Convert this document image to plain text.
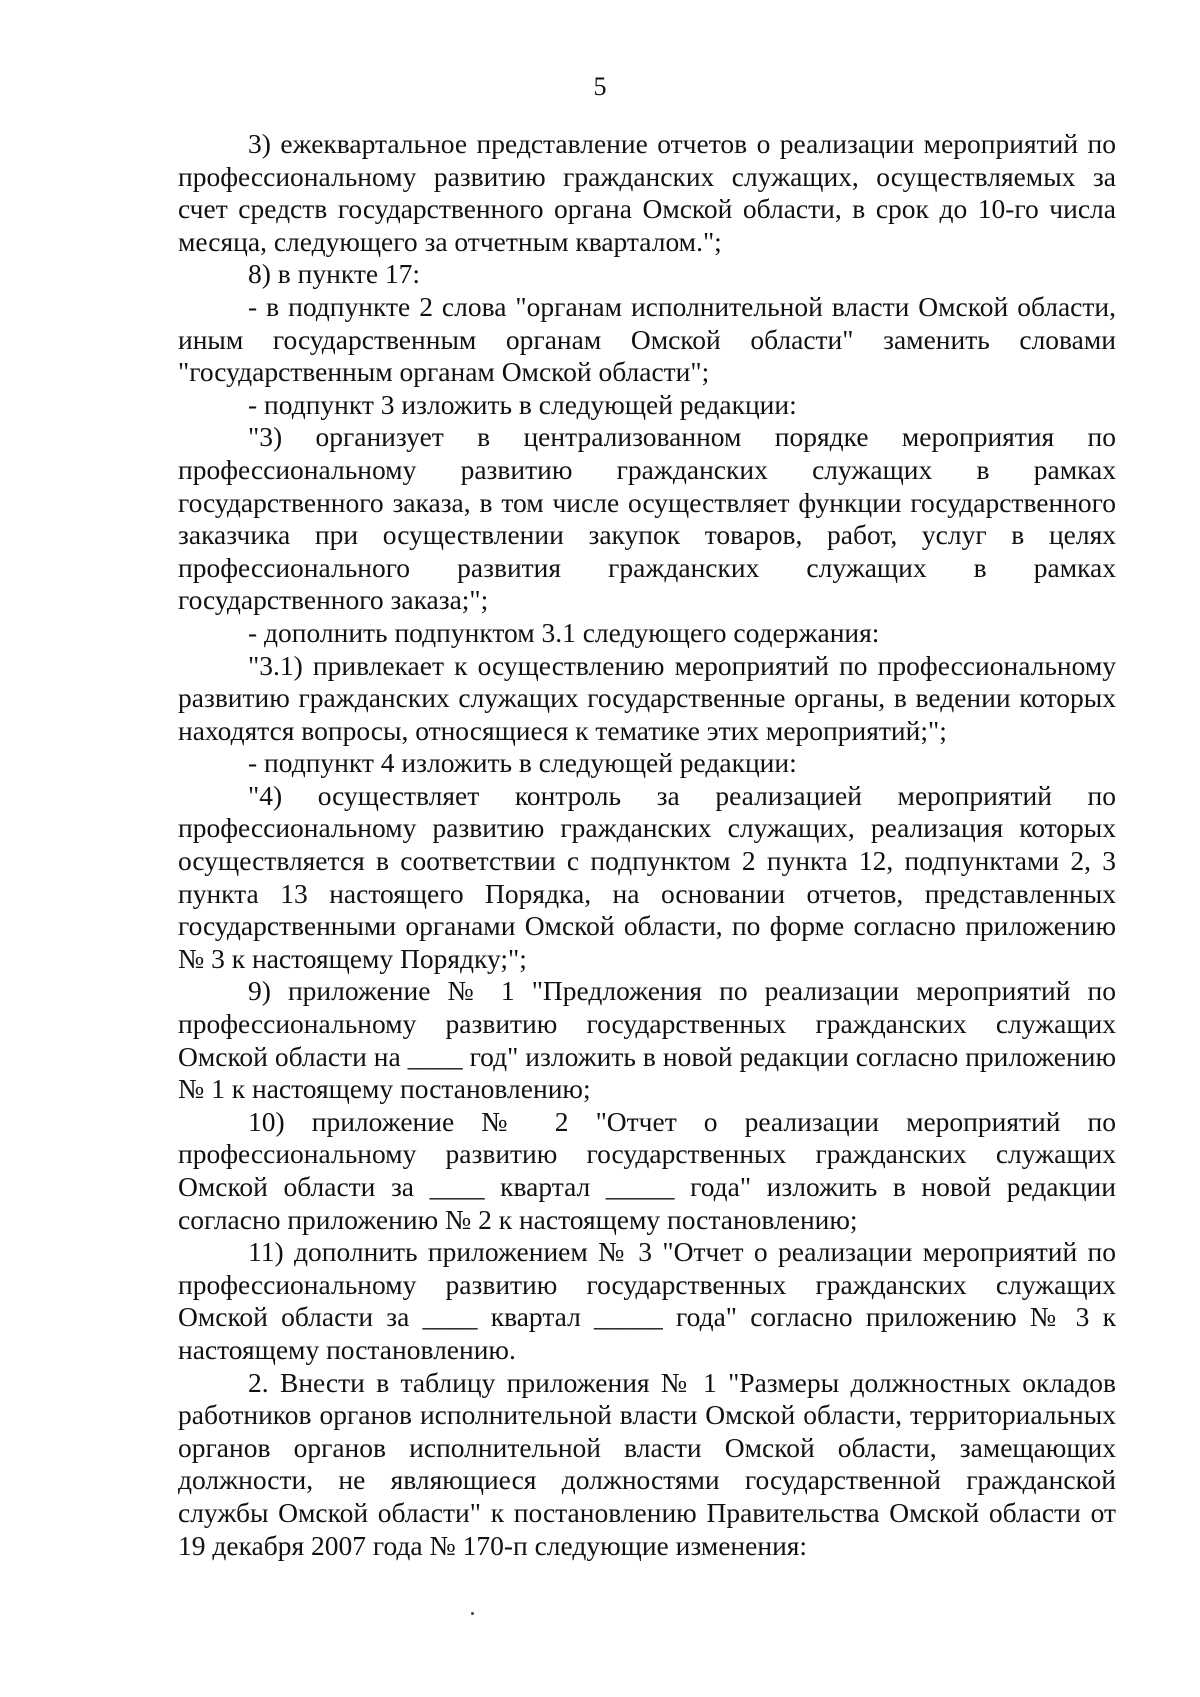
5

3) ежеквартальное представление отчетов о реализации мероприятий по профессиональному развитию гражданских служащих, осуществляемых за счет средств государственного органа Омской области, в срок до 10-го числа месяца, следующего за отчетным кварталом.";

8) в пункте 17:

- в подпункте 2 слова "органам исполнительной власти Омской области, иным государственным органам Омской области" заменить словами "государственным органам Омской области";

- подпункт 3 изложить в следующей редакции:

"3) организует в централизованном порядке мероприятия по профессиональному развитию гражданских служащих в рамках государственного заказа, в том числе осуществляет функции государственного заказчика при осуществлении закупок товаров, работ, услуг в целях профессионального развития гражданских служащих в рамках государственного заказа;";

- дополнить подпунктом 3.1 следующего содержания:

"3.1) привлекает к осуществлению мероприятий по профессиональному развитию гражданских служащих государственные органы, в ведении которых находятся вопросы, относящиеся к тематике этих мероприятий;";

- подпункт 4 изложить в следующей редакции:

"4) осуществляет контроль за реализацией мероприятий по профессиональному развитию гражданских служащих, реализация которых осуществляется в соответствии с подпунктом 2 пункта 12, подпунктами 2, 3 пункта 13 настоящего Порядка, на основании отчетов, представленных государственными органами Омской области, по форме согласно приложению № 3 к настоящему Порядку;";

9) приложение № 1 "Предложения по реализации мероприятий по профессиональному развитию государственных гражданских служащих Омской области на ____ год" изложить в новой редакции согласно приложению № 1 к настоящему постановлению;

10) приложение № 2 "Отчет о реализации мероприятий по профессиональному развитию государственных гражданских служащих Омской области за ____ квартал _____ года" изложить в новой редакции согласно приложению № 2 к настоящему постановлению;

11) дополнить приложением № 3 "Отчет о реализации мероприятий по профессиональному развитию государственных гражданских служащих Омской области за ____ квартал _____ года" согласно приложению № 3 к настоящему постановлению.

2. Внести в таблицу приложения № 1 "Размеры должностных окладов работников органов исполнительной власти Омской области, территориальных органов органов исполнительной власти Омской области, замещающих должности, не являющиеся должностями государственной гражданской службы Омской области" к постановлению Правительства Омской области от 19 декабря 2007 года № 170-п следующие изменения:
